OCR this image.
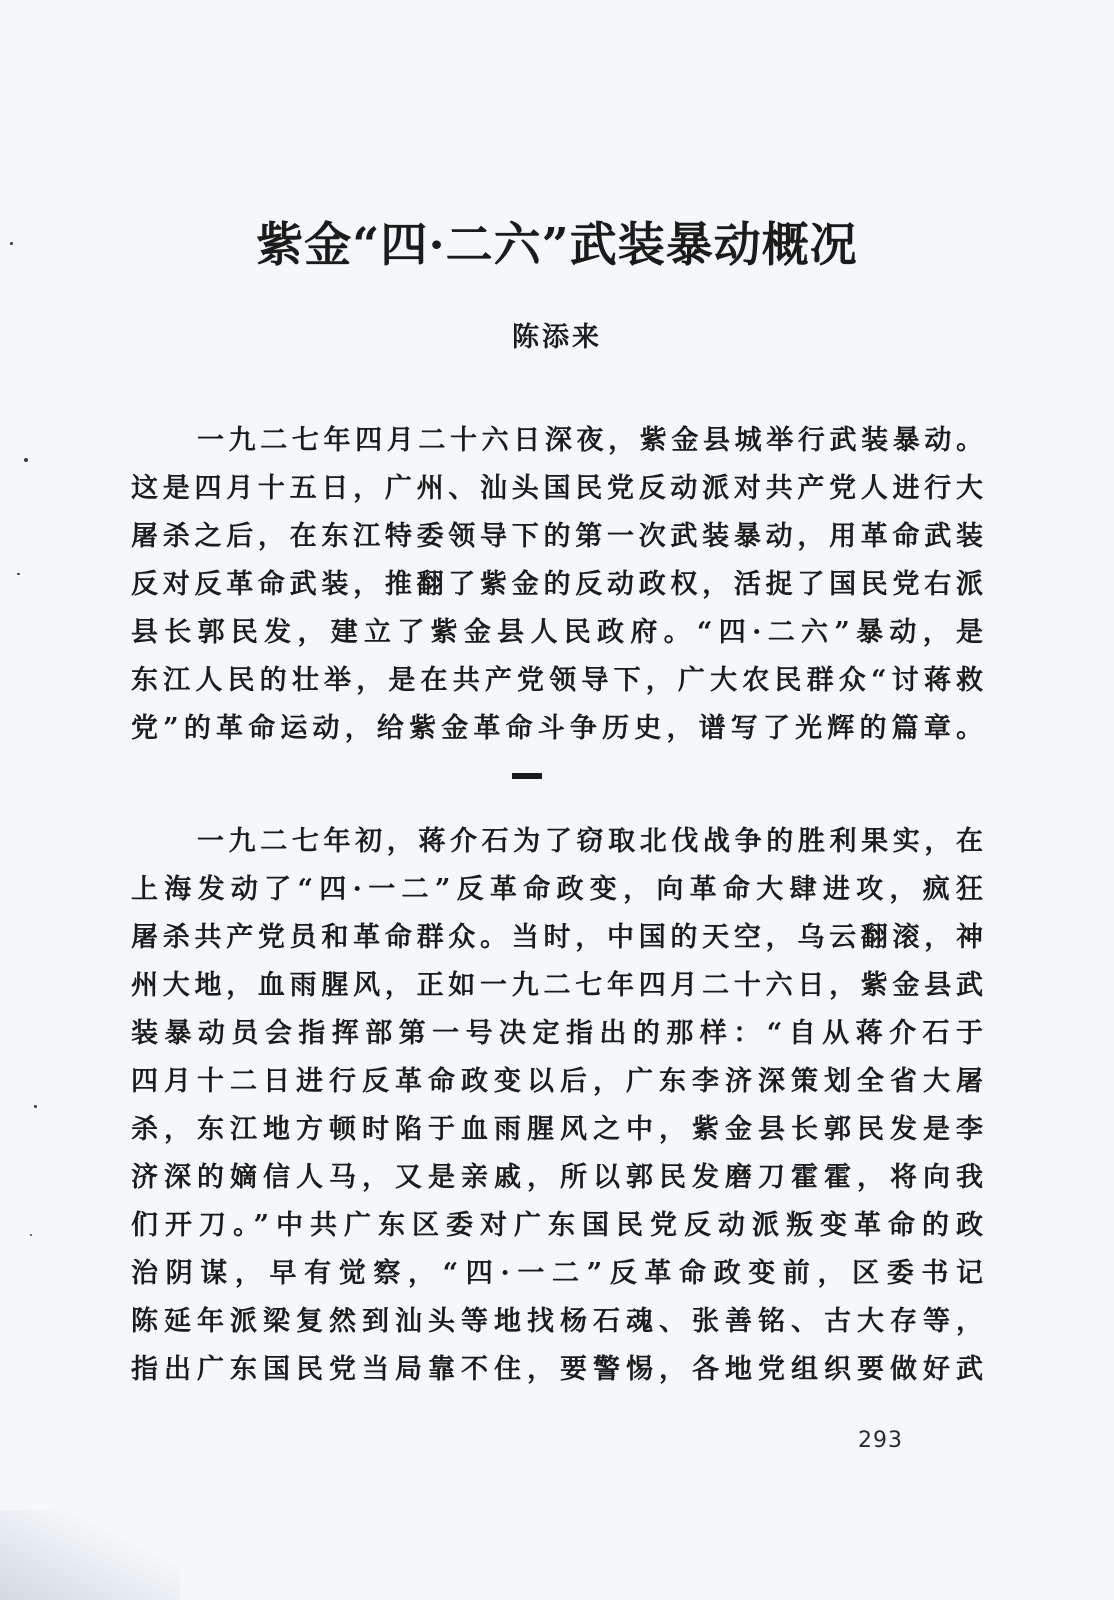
紫金“四·二六”武装暴动概况
陈添来
一九二七年四月二十六日深夜，紫金县城举行武装暴动。
这是四月十五日，广州、汕头国民党反动派对共产党人进行大
屠杀之后，在东江特委领导下的第一次武装暴动，用革命武装
反对反革命武装，推翻了紫金的反动政权，活捉了国民党右派
县长郭民发，建立了紫金县人民政府。“四·二六”暴动，是
东江人民的壮举，是在共产党领导下，广大农民群众“讨蒋救
党”的革命运动，给紫金革命斗争历史，谱写了光辉的篇章。
一九二七年初，蒋介石为了窃取北伐战争的胜利果实，在
上海发动了“四·一二”反革命政变，向革命大肆进攻，疯狂
屠杀共产党员和革命群众。当时，中国的天空，乌云翻滚，神
州大地，血雨腥风，正如一九二七年四月二十六日，紫金县武
装暴动员会指挥部第一号决定指出的那样：“自从蒋介石于
四月十二日进行反革命政变以后，广东李济深策划全省大屠
杀，东江地方顿时陷于血雨腥风之中，紫金县长郭民发是李
济深的嫡信人马，又是亲戚，所以郭民发磨刀霍霍，将向我
们开刀。”中共广东区委对广东国民党反动派叛变革命的政
治阴谋，早有觉察，“四·一二”反革命政变前，区委书记
陈延年派梁复然到汕头等地找杨石魂、张善铭、古大存等，
指出广东国民党当局靠不住，要警惕，各地党组织要做好武
293
